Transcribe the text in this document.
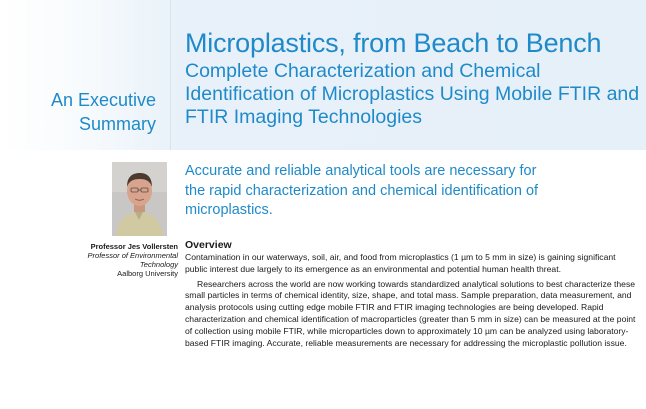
An Executive
Summary
Microplastics, from Beach to Bench
Complete Characterization and Chemical Identification of Microplastics Using Mobile FTIR and FTIR Imaging Technologies
Professor Jes Vollersten
Professor of Environmental
Technology
Aalborg University
Accurate and reliable analytical tools are necessary for the rapid characterization and chemical identification of microplastics.
Overview

Contamination in our waterways, soil, air, and food from microplastics (1 µm to 5 mm in size) is gaining significant public interest due largely to its emergence as an environmental and potential human health threat.

Researchers across the world are now working towards standardized analytical solutions to best characterize these small particles in terms of chemical identity, size, shape, and total mass. Sample preparation, data measurement, and analysis protocols using cutting edge mobile FTIR and FTIR imaging technologies are being developed. Rapid characterization and chemical identification of macroparticles (greater than 5 mm in size) can be measured at the point of collection using mobile FTIR, while microparticles down to approximately 10 µm can be analyzed using laboratory-based FTIR imaging. Accurate, reliable measurements are necessary for addressing the microplastic pollution issue.
